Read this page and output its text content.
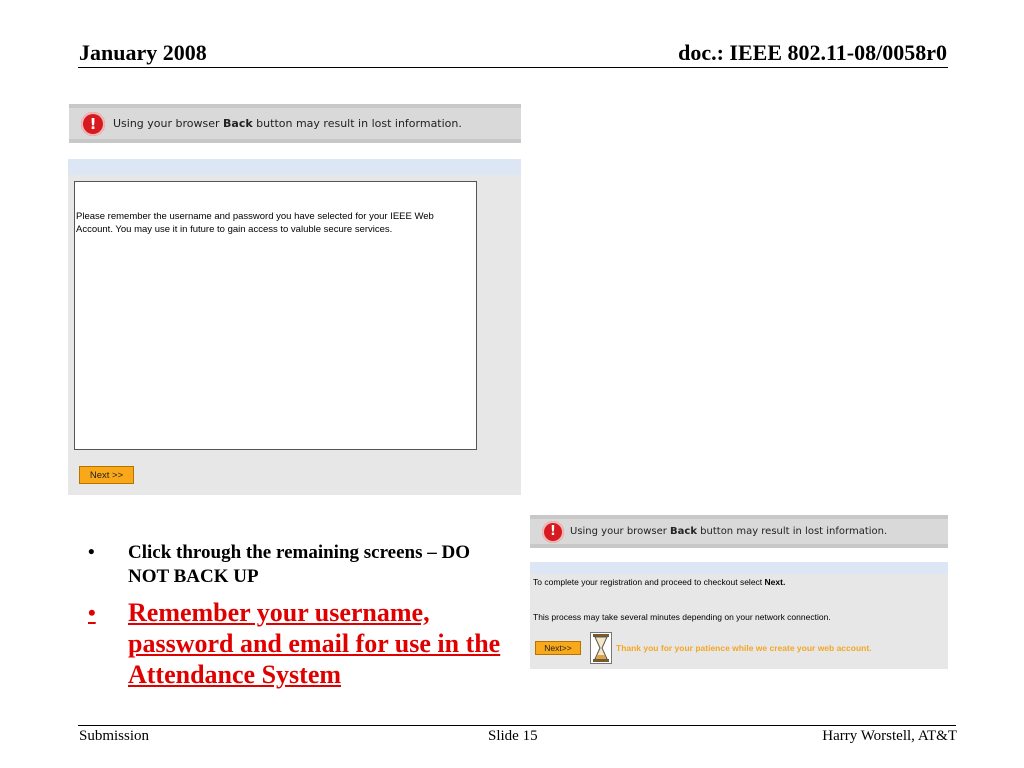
January 2008	doc.: IEEE 802.11-08/0058r0
!	Using your browser Back button may result in lost information.
Please remember the username and password you have selected for your IEEE Web Account. You may use it in future to gain access to valuble secure services.
Next >>
!	Using your browser Back button may result in lost information.
To complete your registration and proceed to checkout select Next.
This process may take several minutes depending on your network connection.
Next>>	Thank you for your patience while we create your web account.
•	Click through the remaining screens – DO NOT BACK UP
•	Remember your username, password and email for use in the Attendance System
Submission	Slide 15	Harry Worstell, AT&T
